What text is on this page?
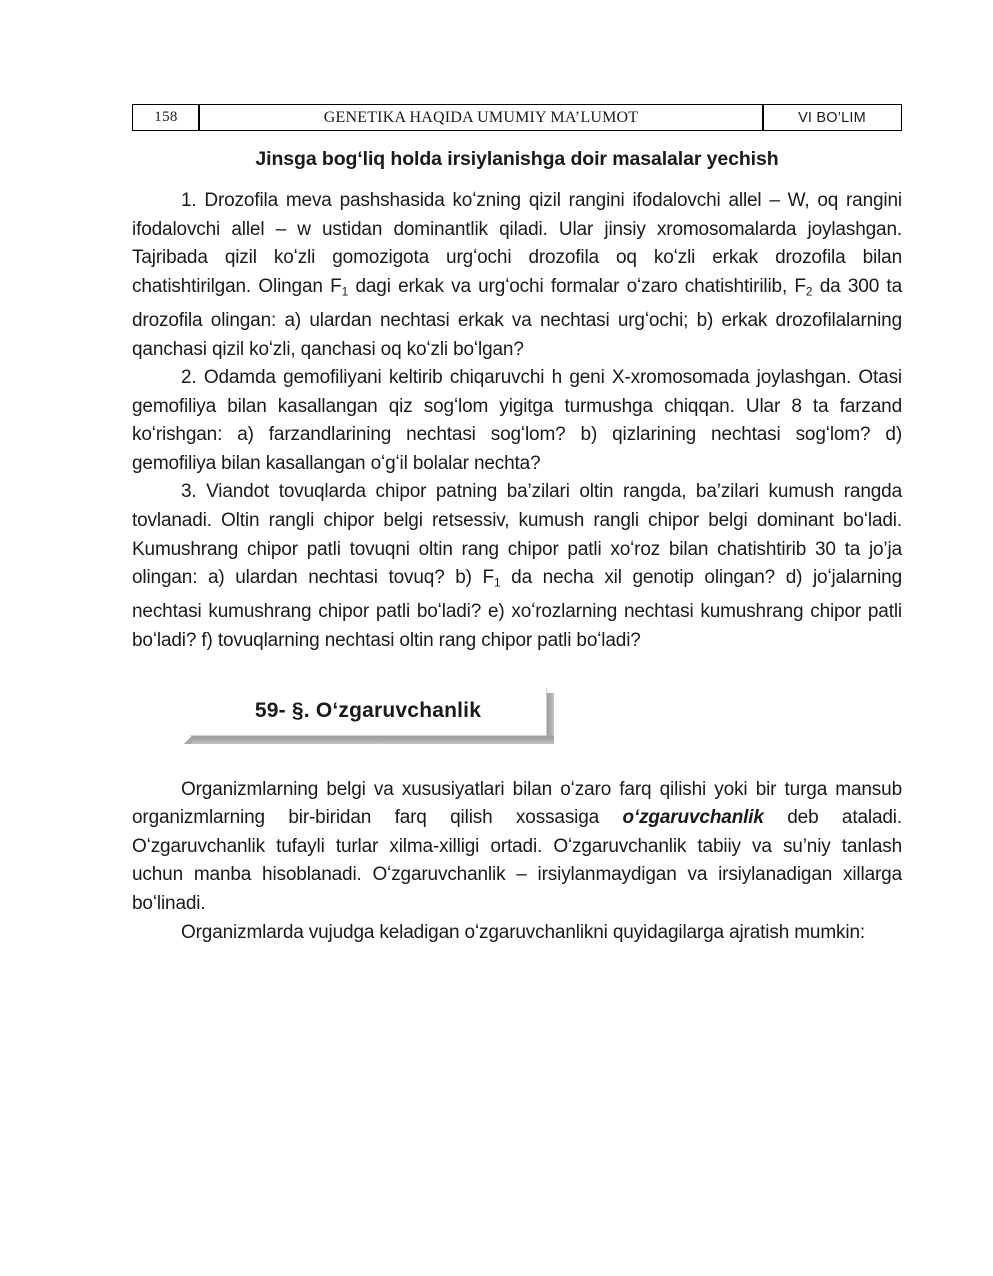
158	GENETIKA HAQIDA UMUMIY MA’LUMOT	VI BO’LIM
Jinsga bogʻliq holda irsiylanishga doir masalalar yechish

1. Drozofila meva pashshasida koʻzning qizil rangini ifodalovchi allel – W, oq rangini ifodalovchi allel – w ustidan dominantlik qiladi. Ular jinsiy xromosomalarda joylashgan. Tajribada qizil koʻzli gomozigota urgʻochi drozofila oq koʻzli erkak drozofila bilan chatishtirilgan. Olingan $F_1$ dagi erkak va urgʻochi formalar oʻzaro chatishtirilib, $F_2$ da 300 ta drozofila olingan: a) ulardan nechtasi erkak va nechtasi urgʻochi; b) erkak drozofilalarning qanchasi qizil koʻzli, qanchasi oq koʻzli boʻlgan?

2. Odamda gemofiliyani keltirib chiqaruvchi h geni X-xromosomada joylashgan. Otasi gemofiliya bilan kasallangan qiz sogʻlom yigitga turmushga chiqqan. Ular 8 ta farzand koʻrishgan: a) farzandlarining nechtasi sogʻlom? b) qizlarining nechtasi sogʻlom? d) gemofiliya bilan kasallangan oʻgʻil bolalar nechta?

3. Viandot tovuqlarda chipor patning ba’zilari oltin rangda, ba’zilari kumush rangda tovlanadi. Oltin rangli chipor belgi retsessiv, kumush rangli chipor belgi dominant boʻladi. Kumushrang chipor patli tovuqni oltin rang chipor patli xoʻroz bilan chatishtirib 30 ta jo’ja olingan: a) ulardan nechtasi tovuq? b) $F_1$ da necha xil genotip olingan? d) joʻjalarning nechtasi kumushrang chipor patli boʻladi? e) xoʻrozlarning nechtasi kumushrang chipor patli boʻladi? f) tovuqlarning nechtasi oltin rang chipor patli boʻladi?

59- §. Oʻzgaruvchanlik

Organizmlarning belgi va xususiyatlari bilan oʻzaro farq qilishi yoki bir turga mansub organizmlarning bir-biridan farq qilish xossasiga oʻzgaruvchanlik deb ataladi. Oʻzgaruvchanlik tufayli turlar xilma-xilligi ortadi. Oʻzgaruvchanlik tabiiy va su’niy tanlash uchun manba hisoblanadi. Oʻzgaruvchanlik – irsiylanmaydigan va irsiylanadigan xillarga boʻlinadi.

Organizmlarda vujudga keladigan oʻzgaruvchanlikni quyidagilarga ajratish mumkin:
